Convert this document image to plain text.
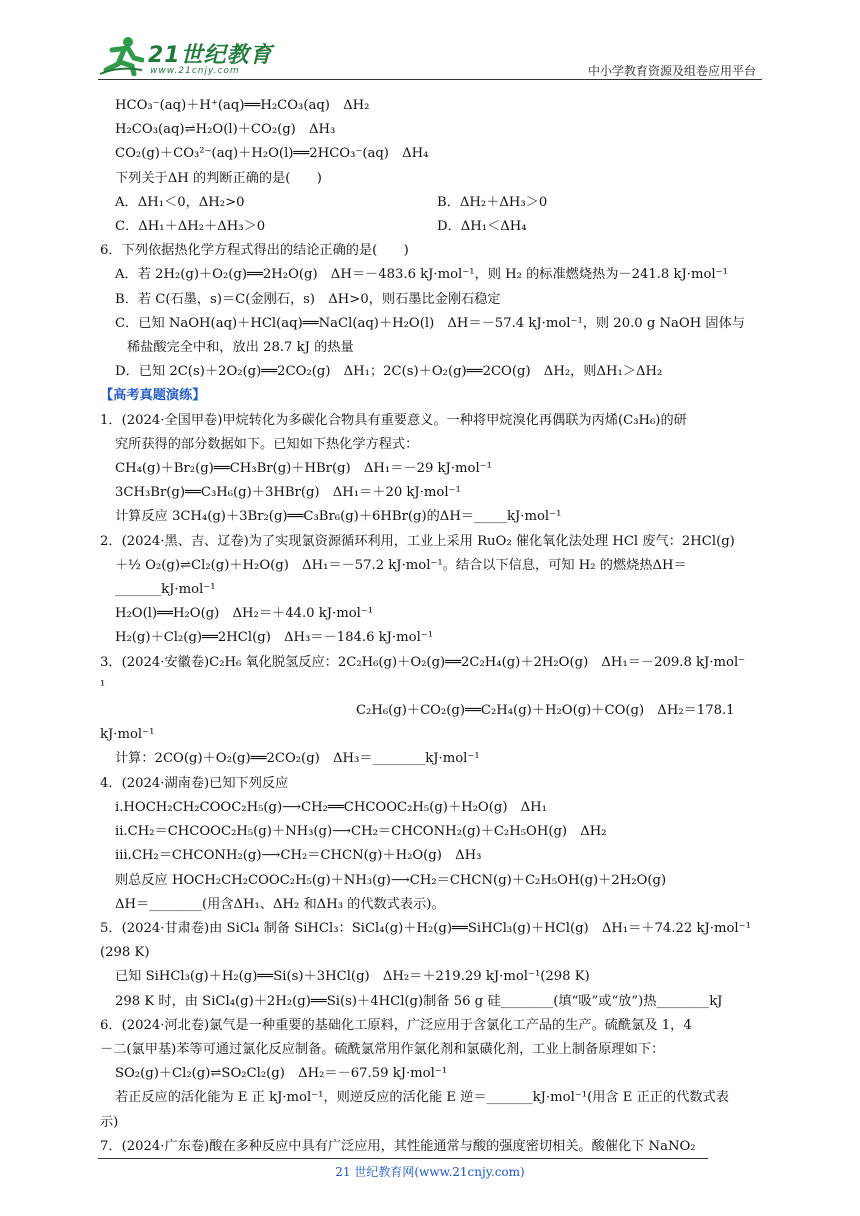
21世纪教育
www.21cnjy.com	中小学教育资源及组卷应用平台
HCO₃⁻(aq)＋H⁺(aq)══H₂CO₃(aq)　ΔH₂
H₂CO₃(aq)⇌H₂O(l)＋CO₂(g)　ΔH₃
CO₂(g)＋CO₃²⁻(aq)＋H₂O(l)══2HCO₃⁻(aq)　ΔH₄
下列关于ΔH 的判断正确的是(　　)
A．ΔH₁＜0，ΔH₂>0	B．ΔH₂＋ΔH₃＞0
C．ΔH₁＋ΔH₂＋ΔH₃＞0	D．ΔH₁＜ΔH₄
6．下列依据热化学方程式得出的结论正确的是(　　)
A．若 2H₂(g)＋O₂(g)══2H₂O(g)　ΔH＝－483.6 kJ·mol⁻¹，则 H₂ 的标准燃烧热为－241.8 kJ·mol⁻¹
B．若 C(石墨，s)＝C(金刚石，s)　ΔH>0，则石墨比金刚石稳定
C．已知 NaOH(aq)＋HCl(aq)══NaCl(aq)＋H₂O(l)　ΔH＝－57.4 kJ·mol⁻¹，则 20.0 g NaOH 固体与
稀盐酸完全中和，放出 28.7 kJ 的热量
D．已知 2C(s)＋2O₂(g)══2CO₂(g)　ΔH₁；2C(s)＋O₂(g)══2CO(g)　ΔH₂，则ΔH₁＞ΔH₂
【高考真题演练】
1．(2024·全国甲卷)甲烷转化为多碳化合物具有重要意义。一种将甲烷溴化再偶联为丙烯(C₃H₆)的研
究所获得的部分数据如下。已知如下热化学方程式：
CH₄(g)＋Br₂(g)══CH₃Br(g)＋HBr(g)　ΔH₁＝－29 kJ·mol⁻¹
3CH₃Br(g)══C₃H₆(g)＋3HBr(g)　ΔH₁＝＋20 kJ·mol⁻¹
计算反应 3CH₄(g)＋3Br₂(g)══C₃Br₆(g)＋6HBr(g)的ΔH＝_____kJ·mol⁻¹
2．(2024·黑、吉、辽卷)为了实现氯资源循环利用，工业上采用 RuO₂ 催化氧化法处理 HCl 废气：2HCl(g)
＋½ O₂(g)⇌Cl₂(g)＋H₂O(g)　ΔH₁＝－57.2 kJ·mol⁻¹。结合以下信息，可知 H₂ 的燃烧热ΔH＝
_______kJ·mol⁻¹
H₂O(l)══H₂O(g)　ΔH₂＝＋44.0 kJ·mol⁻¹
H₂(g)＋Cl₂(g)══2HCl(g)　ΔH₃＝－184.6 kJ·mol⁻¹
3．(2024·安徽卷)C₂H₆ 氧化脱氢反应：2C₂H₆(g)＋O₂(g)══2C₂H₄(g)＋2H₂O(g)　ΔH₁＝－209.8 kJ·mol⁻
¹
C₂H₆(g)＋CO₂(g)══C₂H₄(g)＋H₂O(g)＋CO(g)　ΔH₂＝178.1
kJ·mol⁻¹
计算：2CO(g)＋O₂(g)══2CO₂(g)　ΔH₃＝________kJ·mol⁻¹
4．(2024·湖南卷)已知下列反应
ⅰ.HOCH₂CH₂COOC₂H₅(g)⟶CH₂══CHCOOC₂H₅(g)＋H₂O(g)　ΔH₁
ⅱ.CH₂＝CHCOOC₂H₅(g)＋NH₃(g)⟶CH₂＝CHCONH₂(g)＋C₂H₅OH(g)　ΔH₂
ⅲ.CH₂＝CHCONH₂(g)⟶CH₂＝CHCN(g)＋H₂O(g)　ΔH₃
则总反应 HOCH₂CH₂COOC₂H₅(g)＋NH₃(g)⟶CH₂＝CHCN(g)＋C₂H₅OH(g)＋2H₂O(g)
ΔH＝________(用含ΔH₁、ΔH₂ 和ΔH₃ 的代数式表示)。
5．(2024·甘肃卷)由 SiCl₄ 制备 SiHCl₃：SiCl₄(g)＋H₂(g)══SiHCl₃(g)＋HCl(g)　ΔH₁＝＋74.22 kJ·mol⁻¹
(298 K)
已知 SiHCl₃(g)＋H₂(g)══Si(s)＋3HCl(g)　ΔH₂＝＋219.29 kJ·mol⁻¹(298 K)
298 K 时，由 SiCl₄(g)＋2H₂(g)══Si(s)＋4HCl(g)制备 56 g 硅________(填“吸”或“放”)热________kJ
6．(2024·河北卷)氯气是一种重要的基础化工原料，广泛应用于含氯化工产品的生产。硫酰氯及 1，4
－二(氯甲基)苯等可通过氯化反应制备。硫酰氯常用作氯化剂和氯磺化剂，工业上制备原理如下：
SO₂(g)＋Cl₂(g)⇌SO₂Cl₂(g)　ΔH₂＝－67.59 kJ·mol⁻¹
若正反应的活化能为 E 正 kJ·mol⁻¹，则逆反应的活化能 E 逆＝_______kJ·mol⁻¹(用含 E 正正的代数式表
示)
7．(2024·广东卷)酸在多种反应中具有广泛应用，其性能通常与酸的强度密切相关。酸催化下 NaNO₂
21 世纪教育网(www.21cnjy.com)
